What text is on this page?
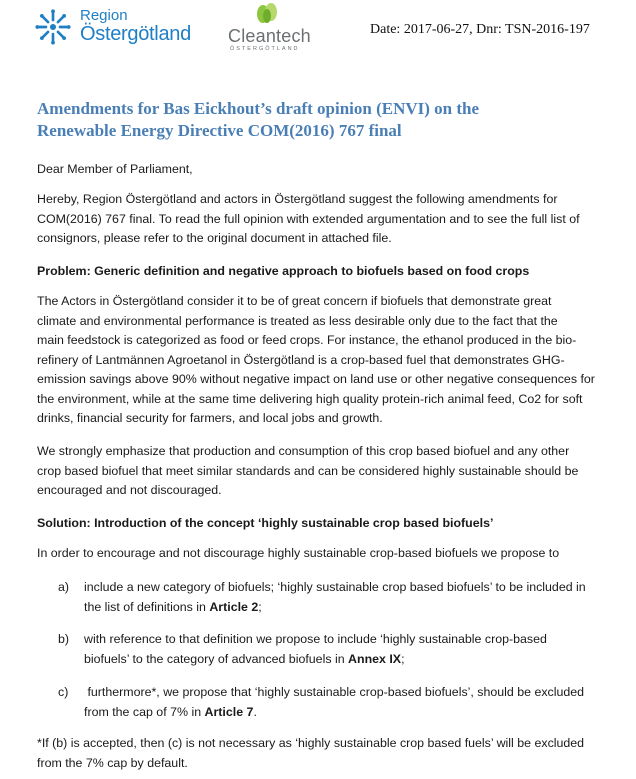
Region
Östergötland Cleantech
ÖSTERGÖTLAND
Date: 2017-06-27, Dnr: TSN-2016-197
Amendments for Bas Eickhout’s draft opinion (ENVI) on the
Renewable Energy Directive COM(2016) 767 final
Dear Member of Parliament,
Hereby, Region Östergötland and actors in Östergötland suggest the following amendments for
COM(2016) 767 final. To read the full opinion with extended argumentation and to see the full list of
consignors, please refer to the original document in attached file.
Problem: Generic definition and negative approach to biofuels based on food crops
The Actors in Östergötland consider it to be of great concern if biofuels that demonstrate great
climate and environmental performance is treated as less desirable only due to the fact that the
main feedstock is categorized as food or feed crops. For instance, the ethanol produced in the bio-
refinery of Lantmännen Agroetanol in Östergötland is a crop-based fuel that demonstrates GHG-
emission savings above 90% without negative impact on land use or other negative consequences for
the environment, while at the same time delivering high quality protein-rich animal feed, Co2 for soft
drinks, financial security for farmers, and local jobs and growth.
We strongly emphasize that production and consumption of this crop based biofuel and any other
crop based biofuel that meet similar standards and can be considered highly sustainable should be
encouraged and not discouraged.
Solution: Introduction of the concept ‘highly sustainable crop based biofuels’
In order to encourage and not discourage highly sustainable crop-based biofuels we propose to
a) include a new category of biofuels; ‘highly sustainable crop based biofuels’ to be included in
the list of definitions in Article 2;
b) with reference to that definition we propose to include ‘highly sustainable crop-based
biofuels’ to the category of advanced biofuels in Annex IX;
c) furthermore*, we propose that ‘highly sustainable crop-based biofuels’, should be excluded
from the cap of 7% in Article 7.
*If (b) is accepted, then (c) is not necessary as ‘highly sustainable crop based fuels’ will be excluded
from the 7% cap by default.
